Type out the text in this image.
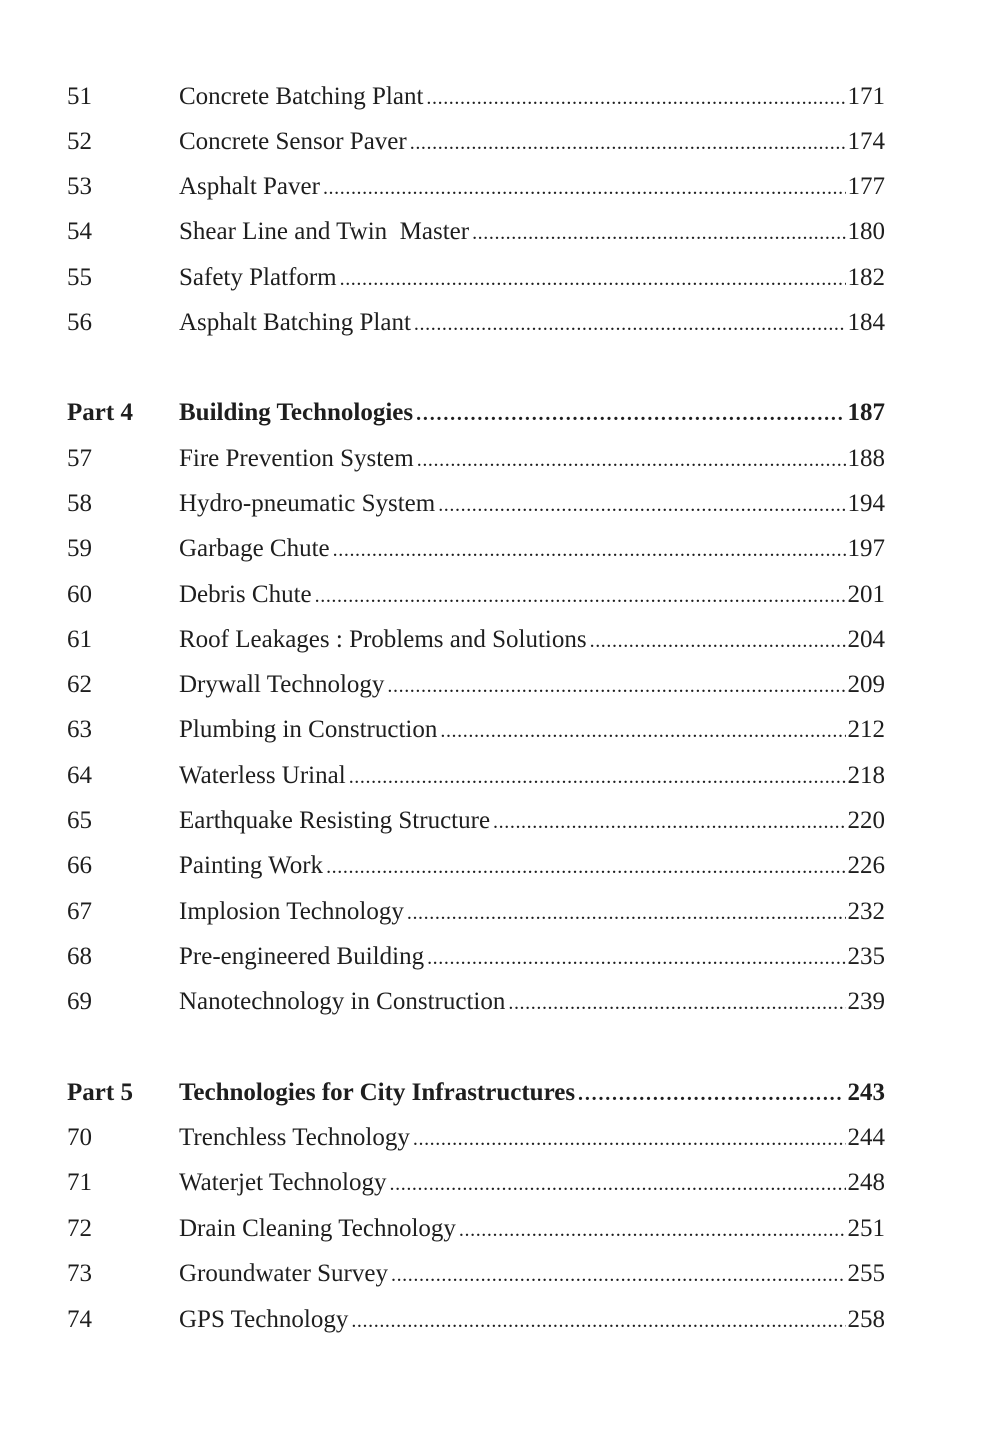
51	Concrete Batching Plant . . .	171
52	Concrete Sensor Paver . . .	174
53	Asphalt Paver . . .	177
54	Shear Line and Twin  Master . . .	180
55	Safety Platform . . .	182
56	Asphalt Batching Plant . . .	184
Part 4 Building Technologies . . .	187
57	Fire Prevention System . . .	188
58	Hydro-pneumatic System . . .	194
59	Garbage Chute . . .	197
60	Debris Chute . . .	201
61	Roof Leakages : Problems and Solutions . . .	204
62	Drywall Technology . . .	209
63	Plumbing in Construction . . .	212
64	Waterless Urinal . . .	218
65	Earthquake Resisting Structure . . .	220
66	Painting Work . . .	226
67	Implosion Technology . . .	232
68	Pre-engineered Building . . .	235
69	Nanotechnology in Construction . . .	239
Part 5 Technologies for City Infrastructures . . .	243
70	Trenchless Technology . . .	244
71	Waterjet Technology . . .	248
72	Drain Cleaning Technology . . .	251
73	Groundwater Survey . . .	255
74	GPS Technology . . .	258
